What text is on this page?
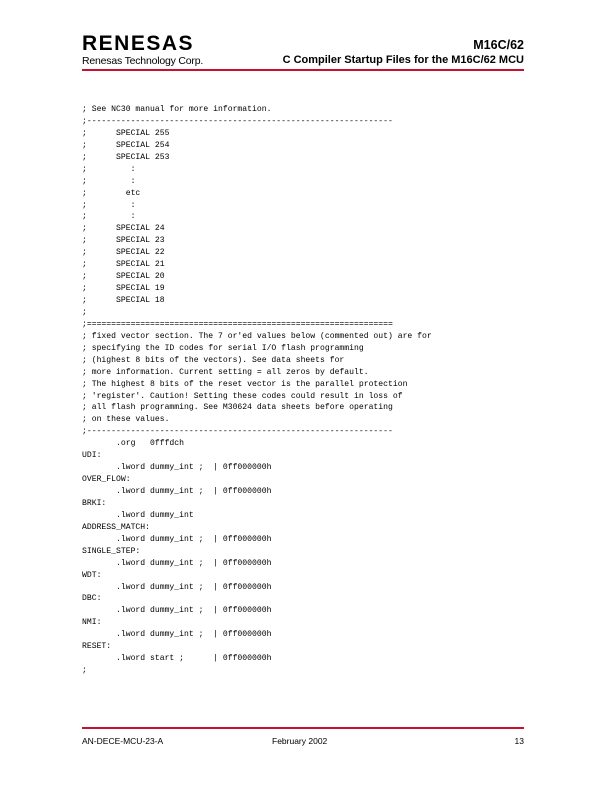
RENESAS
Renesas Technology Corp.
M16C/62
C Compiler Startup Files for the M16C/62 MCU
; See NC30 manual for more information.
;---------------------------------------------------------------
;      SPECIAL 255
;      SPECIAL 254
;      SPECIAL 253
;         :
;         :
;        etc
;         :
;         :
;      SPECIAL 24
;      SPECIAL 23
;      SPECIAL 22
;      SPECIAL 21
;      SPECIAL 20
;      SPECIAL 19
;      SPECIAL 18
;
;===============================================================
; fixed vector section. The 7 or'ed values below (commented out) are for
; specifying the ID codes for serial I/O flash programming
; (highest 8 bits of the vectors). See data sheets for
; more information. Current setting = all zeros by default.
; The highest 8 bits of the reset vector is the parallel protection
; 'register'. Caution! Setting these codes could result in loss of
; all flash programming. See M30624 data sheets before operating
; on these values.
;---------------------------------------------------------------
.org   0fffdch
UDI:
.lword dummy_int ;  | 0ff000000h
OVER_FLOW:
.lword dummy_int ;  | 0ff000000h
BRKI:
.lword dummy_int
ADDRESS_MATCH:
.lword dummy_int ;  | 0ff000000h
SINGLE_STEP:
.lword dummy_int ;  | 0ff000000h
WDT:
.lword dummy_int ;  | 0ff000000h
DBC:
.lword dummy_int ;  | 0ff000000h
NMI:
.lword dummy_int ;  | 0ff000000h
RESET:
.lword start ;      | 0ff000000h
;
AN-DECE-MCU-23-A	February 2002	13
